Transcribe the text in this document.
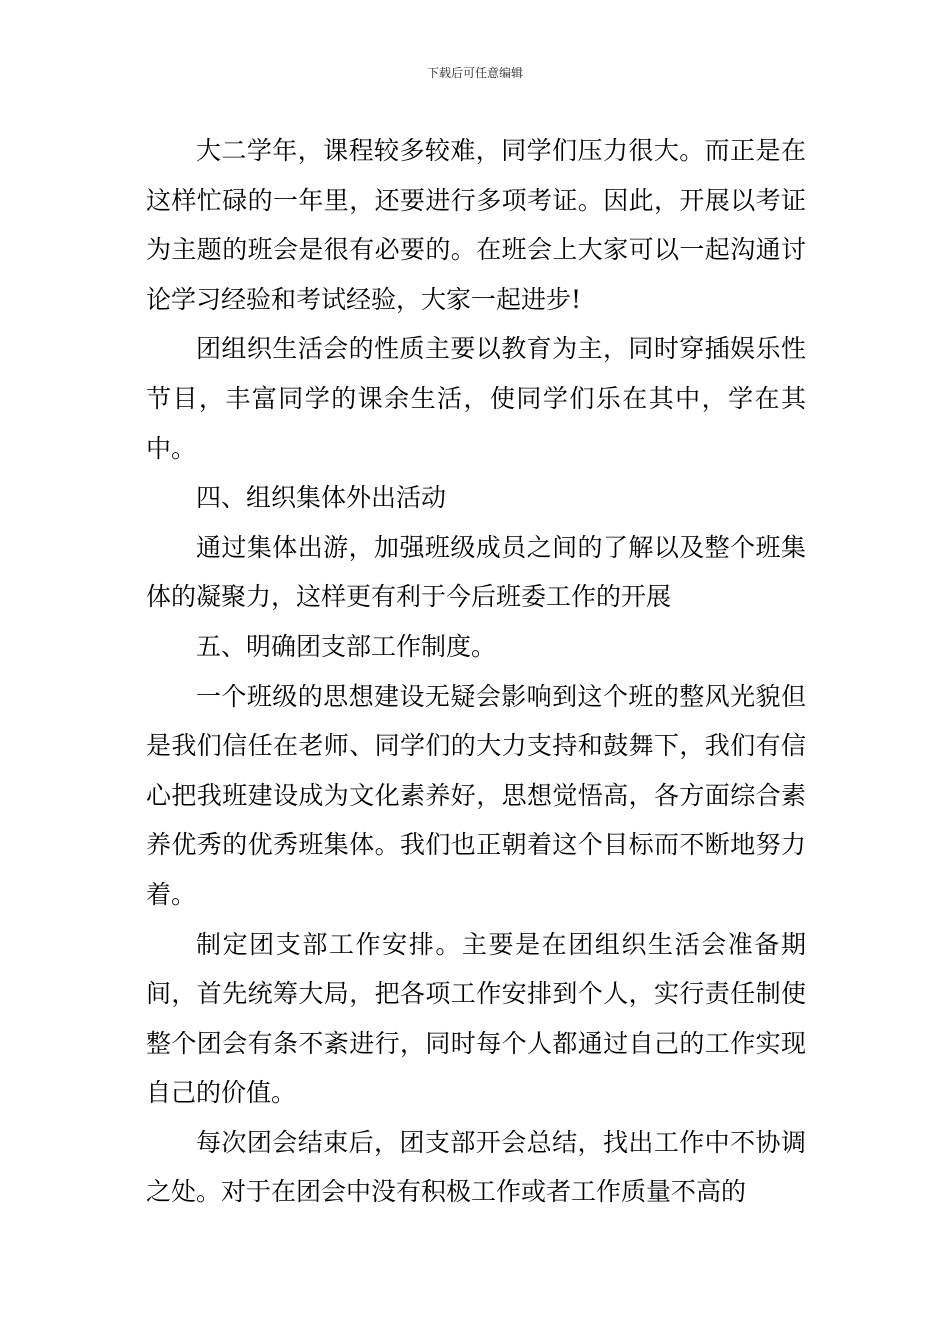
下载后可任意编辑

大二学年，课程较多较难，同学们压力很大。而正是在这样忙碌的一年里，还要进行多项考证。因此，开展以考证为主题的班会是很有必要的。在班会上大家可以一起沟通讨论学习经验和考试经验，大家一起进步!

团组织生活会的性质主要以教育为主，同时穿插娱乐性节目，丰富同学的课余生活，使同学们乐在其中，学在其中。

四、组织集体外出活动

通过集体出游，加强班级成员之间的了解以及整个班集体的凝聚力，这样更有利于今后班委工作的开展

五、明确团支部工作制度。

一个班级的思想建设无疑会影响到这个班的整风光貌但是我们信任在老师、同学们的大力支持和鼓舞下，我们有信心把我班建设成为文化素养好，思想觉悟高，各方面综合素养优秀的优秀班集体。我们也正朝着这个目标而不断地努力着。

制定团支部工作安排。主要是在团组织生活会准备期间，首先统筹大局，把各项工作安排到个人，实行责任制使整个团会有条不紊进行，同时每个人都通过自己的工作实现自己的价值。

每次团会结束后，团支部开会总结，找出工作中不协调之处。对于在团会中没有积极工作或者工作质量不高的
